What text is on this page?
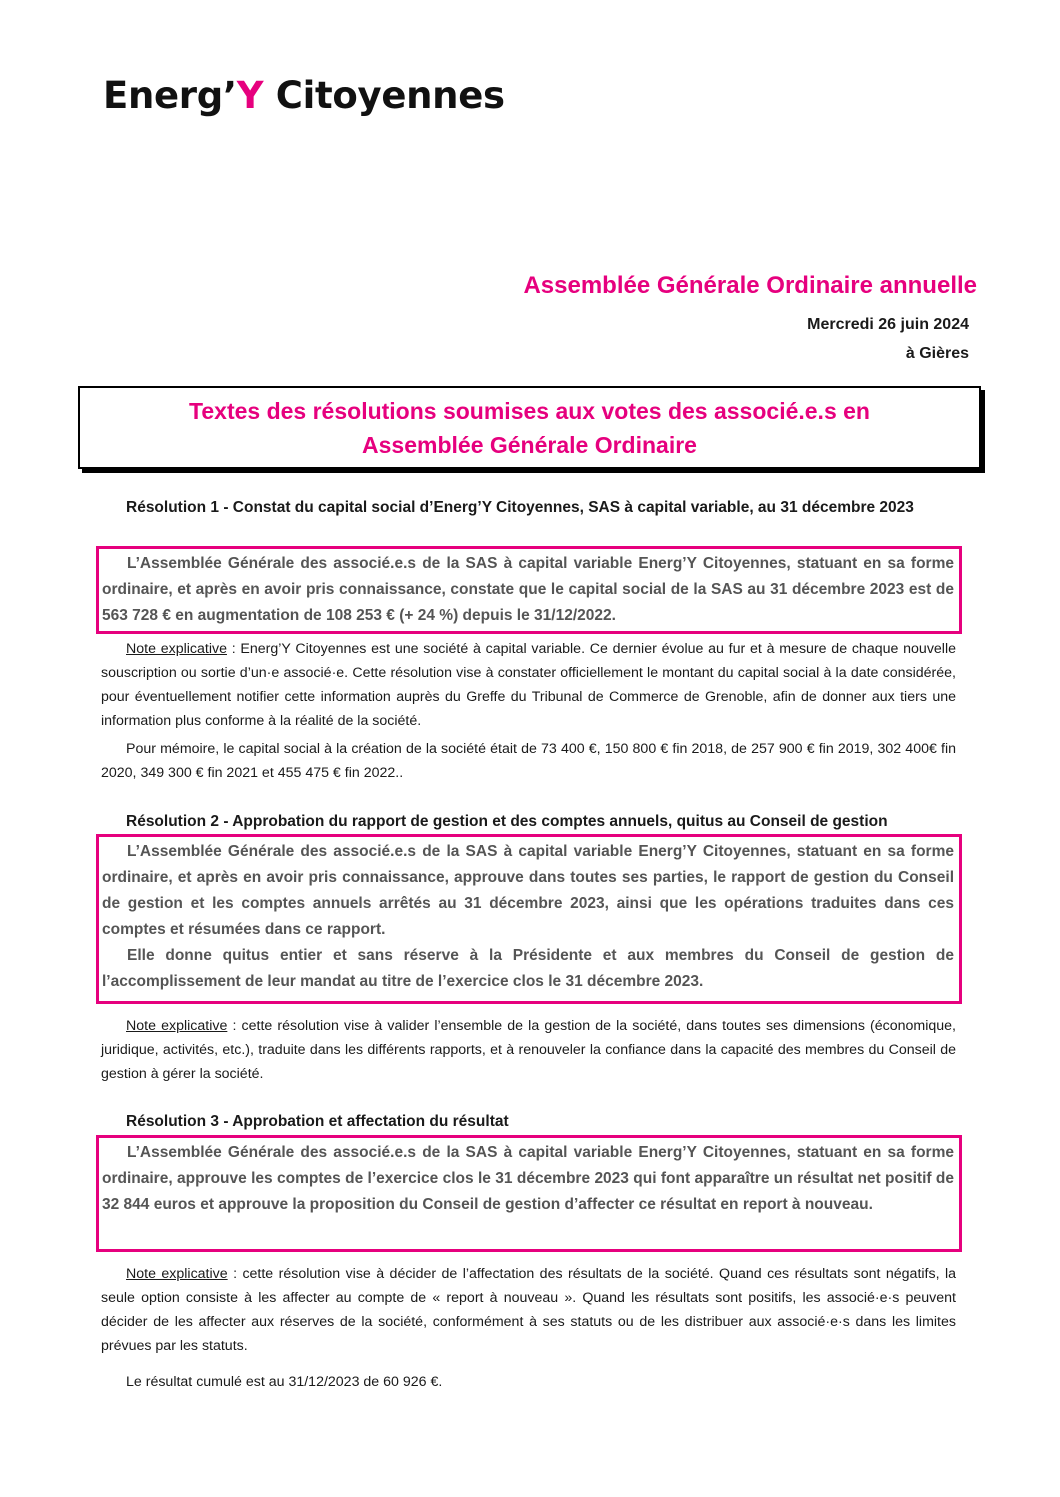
Energ’Y Citoyennes
Assemblée Générale Ordinaire annuelle
Mercredi 26 juin 2024
à Gières
Textes des résolutions soumises aux votes des associé.e.s en
Assemblée Générale Ordinaire
Résolution 1 - Constat du capital social d’Energ’Y Citoyennes, SAS à capital variable, au 31 décembre 2023

L’Assemblée Générale des associé.e.s de la SAS à capital variable Energ’Y Citoyennes, statuant en sa forme ordinaire, et après en avoir pris connaissance, constate que le capital social de la SAS au 31 décembre 2023 est de 563 728 € en augmentation de 108 253 € (+ 24 %) depuis le 31/12/2022.

Note explicative : Energ’Y Citoyennes est une société à capital variable. Ce dernier évolue au fur et à mesure de chaque nouvelle souscription ou sortie d’un·e associé·e. Cette résolution vise à constater officiellement le montant du capital social à la date considérée, pour éventuellement notifier cette information auprès du Greffe du Tribunal de Commerce de Grenoble, afin de donner aux tiers une information plus conforme à la réalité de la société.

Pour mémoire, le capital social à la création de la société était de 73 400 €, 150 800 € fin 2018, de 257 900 € fin 2019, 302 400€ fin 2020, 349 300 € fin 2021 et 455 475 € fin 2022..

Résolution 2 - Approbation du rapport de gestion et des comptes annuels, quitus au Conseil de gestion

L’Assemblée Générale des associé.e.s de la SAS à capital variable Energ’Y Citoyennes, statuant en sa forme ordinaire, et après en avoir pris connaissance, approuve dans toutes ses parties, le rapport de gestion du Conseil de gestion et les comptes annuels arrêtés au 31 décembre 2023, ainsi que les opérations traduites dans ces comptes et résumées dans ce rapport.

Elle donne quitus entier et sans réserve à la Présidente et aux membres du Conseil de gestion de l’accomplissement de leur mandat au titre de l’exercice clos le 31 décembre 2023.

Note explicative : cette résolution vise à valider l’ensemble de la gestion de la société, dans toutes ses dimensions (économique, juridique, activités, etc.), traduite dans les différents rapports, et à renouveler la confiance dans la capacité des membres du Conseil de gestion à gérer la société.

Résolution 3 - Approbation et affectation du résultat

L’Assemblée Générale des associé.e.s de la SAS à capital variable Energ’Y Citoyennes, statuant en sa forme ordinaire, approuve les comptes de l’exercice clos le 31 décembre 2023 qui font apparaître un résultat net positif de 32 844 euros et approuve la proposition du Conseil de gestion d’affecter ce résultat en report à nouveau.

Note explicative : cette résolution vise à décider de l’affectation des résultats de la société. Quand ces résultats sont négatifs, la seule option consiste à les affecter au compte de « report à nouveau ». Quand les résultats sont positifs, les associé·e·s peuvent décider de les affecter aux réserves de la société, conformément à ses statuts ou de les distribuer aux associé·e·s dans les limites prévues par les statuts.

Le résultat cumulé est au 31/12/2023 de 60 926 €.
